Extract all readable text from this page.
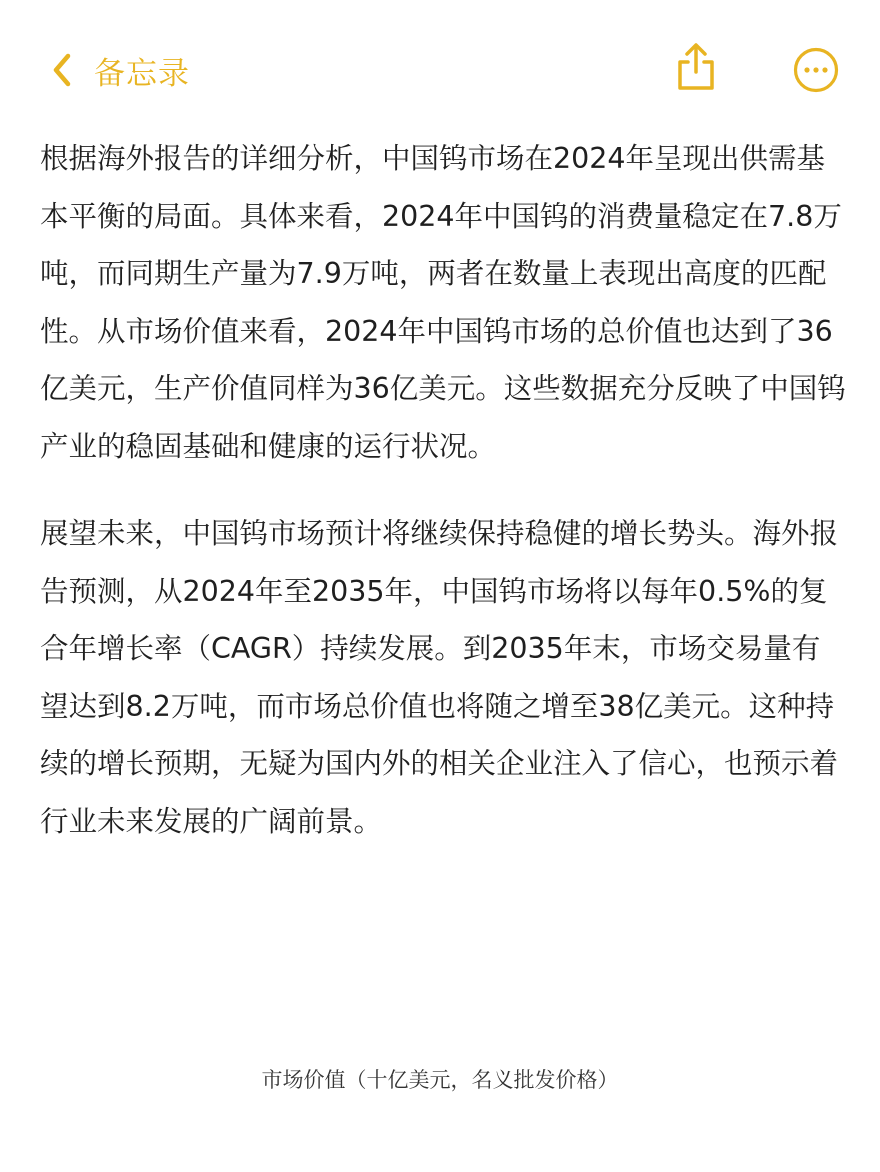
备忘录

根据海外报告的详细分析，中国钨市场在2024年呈现出供需基本平衡的局面。具体来看，2024年中国钨的消费量稳定在7.8万吨，而同期生产量为7.9万吨，两者在数量上表现出高度的匹配性。从市场价值来看，2024年中国钨市场的总价值也达到了36亿美元，生产价值同样为36亿美元。这些数据充分反映了中国钨产业的稳固基础和健康的运行状况。

展望未来，中国钨市场预计将继续保持稳健的增长势头。海外报告预测，从2024年至2035年，中国钨市场将以每年0.5%的复合年增长率（CAGR）持续发展。到2035年末，市场交易量有望达到8.2万吨，而市场总价值也将随之增至38亿美元。这种持续的增长预期，无疑为国内外的相关企业注入了信心，也预示着行业未来发展的广阔前景。

市场价值（十亿美元，名义批发价格）
